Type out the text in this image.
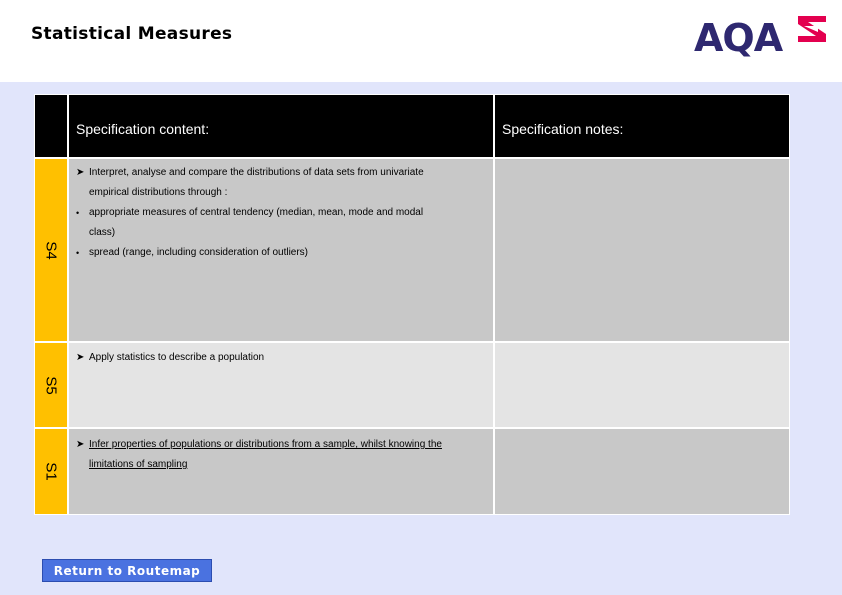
Statistical Measures	AQA
Specification content:	Specification notes:
S4
➤ Interpret, analyse and compare the distributions of data sets from univariate
empirical distributions through :
• appropriate measures of central tendency (median, mean, mode and modal
class)
• spread (range, including consideration of outliers)
S5
➤ Apply statistics to describe a population
S1
➤ Infer properties of populations or distributions from a sample, whilst knowing the
limitations of sampling
Return to Routemap
